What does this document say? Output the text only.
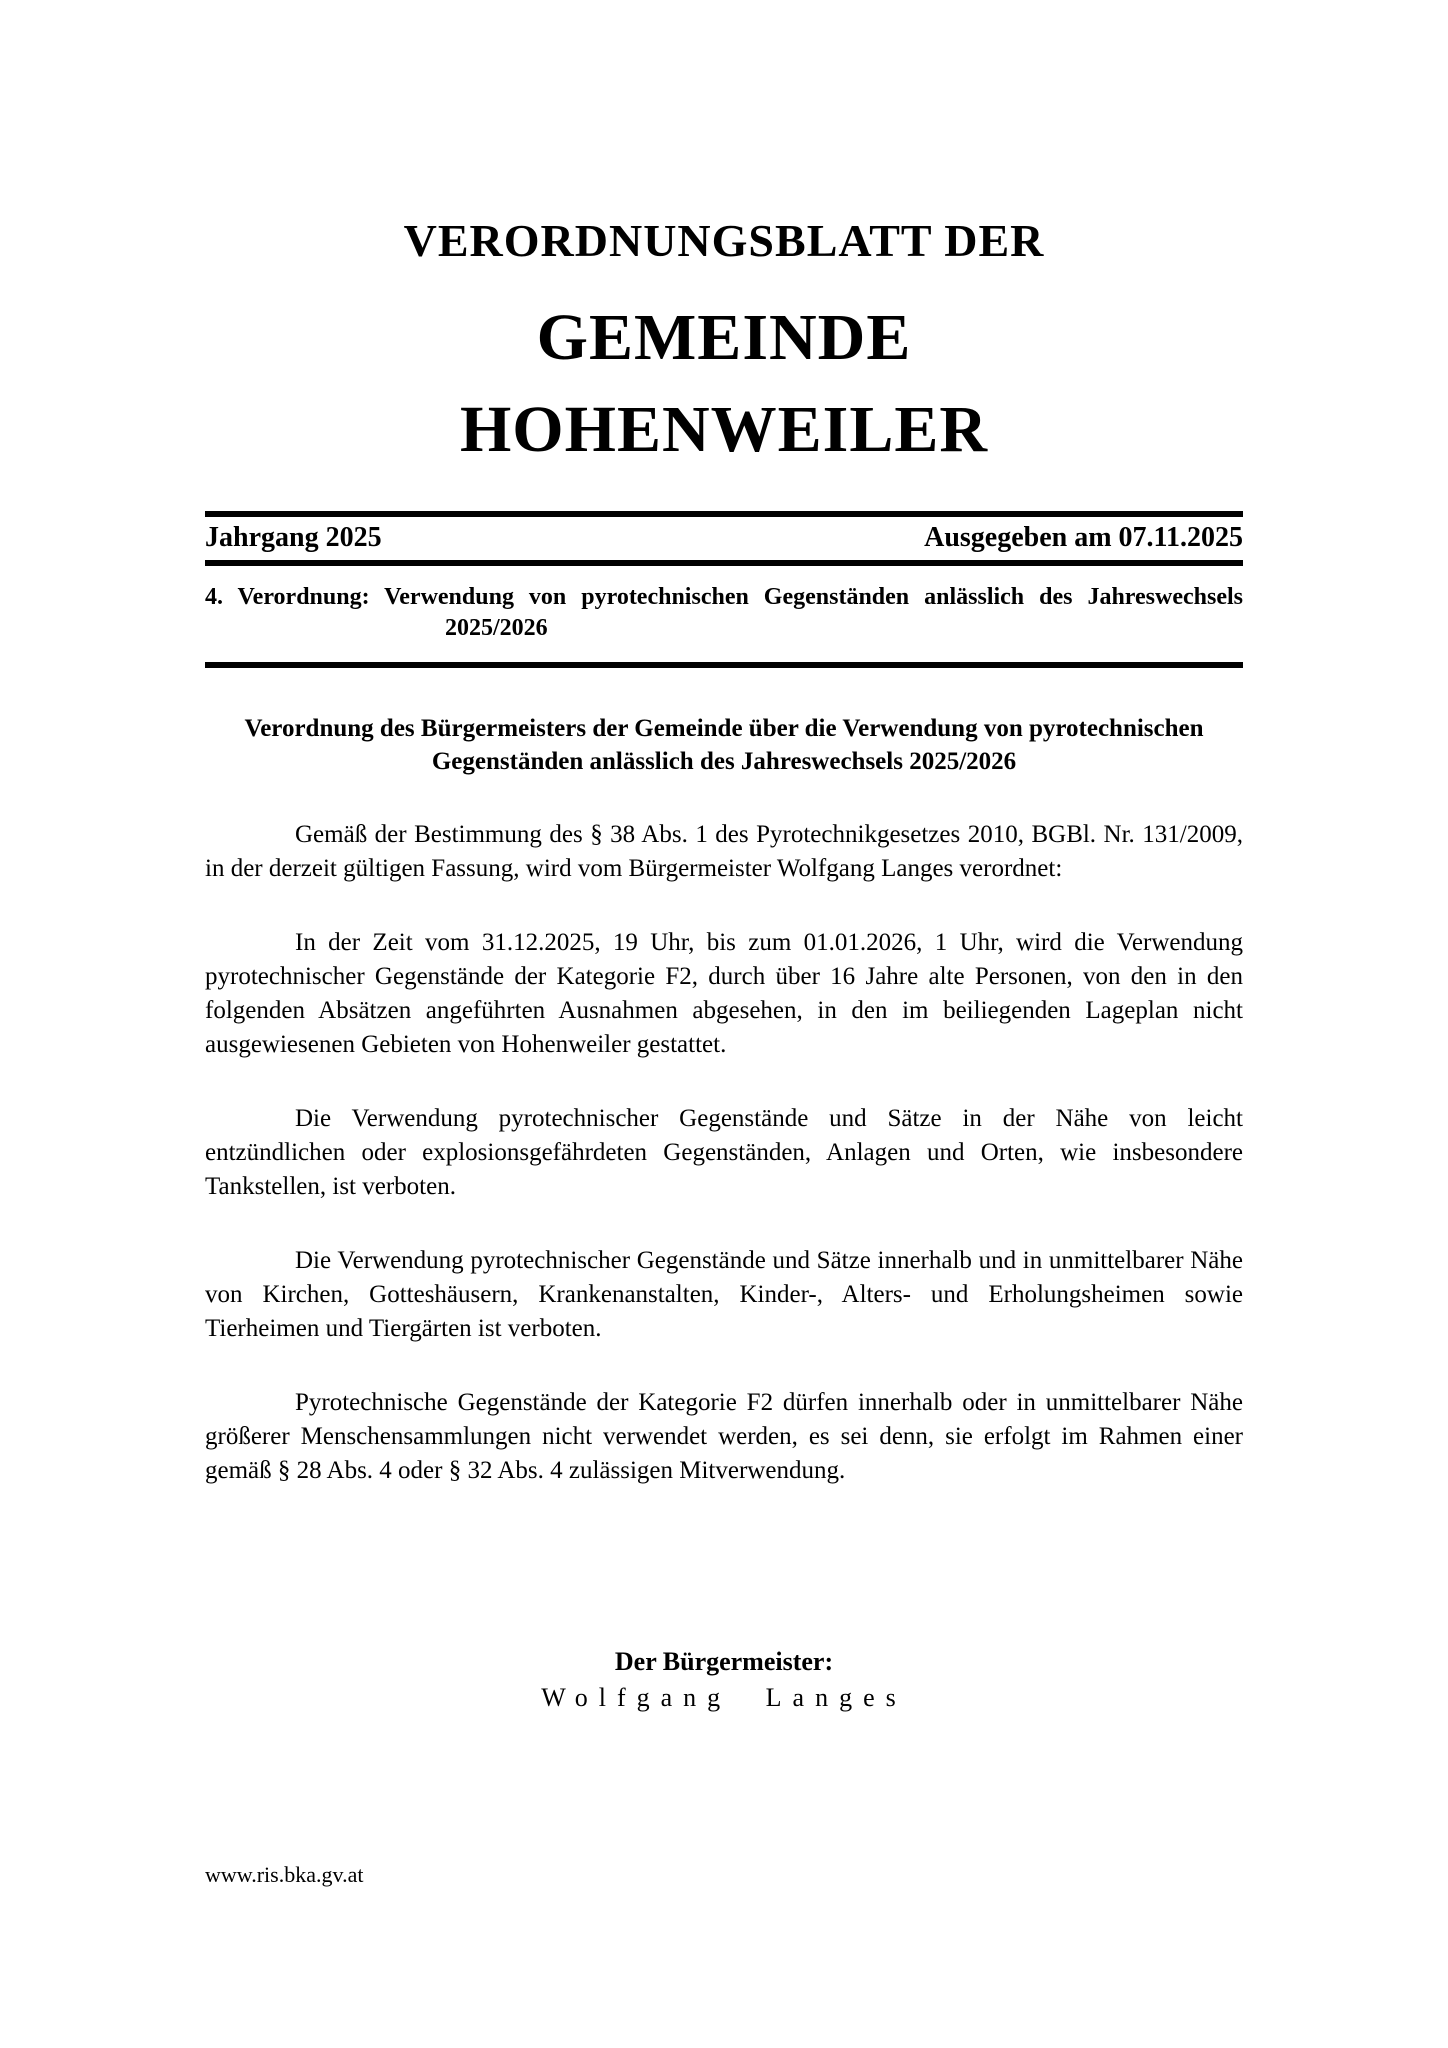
VERORDNUNGSBLATT DER
GEMEINDE
HOHENWEILER
Jahrgang 2025	Ausgegeben am 07.11.2025
4. Verordnung: Verwendung von pyrotechnischen Gegenständen anlässlich des Jahreswechsels
2025/2026
Verordnung des Bürgermeisters der Gemeinde über die Verwendung von pyrotechnischen
Gegenständen anlässlich des Jahreswechsels 2025/2026

Gemäß der Bestimmung des § 38 Abs. 1 des Pyrotechnikgesetzes 2010, BGBl. Nr. 131/2009, in der derzeit gültigen Fassung, wird vom Bürgermeister Wolfgang Langes verordnet:

In der Zeit vom 31.12.2025, 19 Uhr, bis zum 01.01.2026, 1 Uhr, wird die Verwendung pyrotechnischer Gegenstände der Kategorie F2, durch über 16 Jahre alte Personen, von den in den folgenden Absätzen angeführten Ausnahmen abgesehen, in den im beiliegenden Lageplan nicht ausgewiesenen Gebieten von Hohenweiler gestattet.

Die Verwendung pyrotechnischer Gegenstände und Sätze in der Nähe von leicht entzündlichen oder explosionsgefährdeten Gegenständen, Anlagen und Orten, wie insbesondere Tankstellen, ist verboten.

Die Verwendung pyrotechnischer Gegenstände und Sätze innerhalb und in unmittelbarer Nähe von Kirchen, Gotteshäusern, Krankenanstalten, Kinder-, Alters- und Erholungsheimen sowie Tierheimen und Tiergärten ist verboten.

Pyrotechnische Gegenstände der Kategorie F2 dürfen innerhalb oder in unmittelbarer Nähe größerer Menschensammlungen nicht verwendet werden, es sei denn, sie erfolgt im Rahmen einer gemäß § 28 Abs. 4 oder § 32 Abs. 4 zulässigen Mitverwendung.

Der Bürgermeister:
Wolfgang Langes
www.ris.bka.gv.at
